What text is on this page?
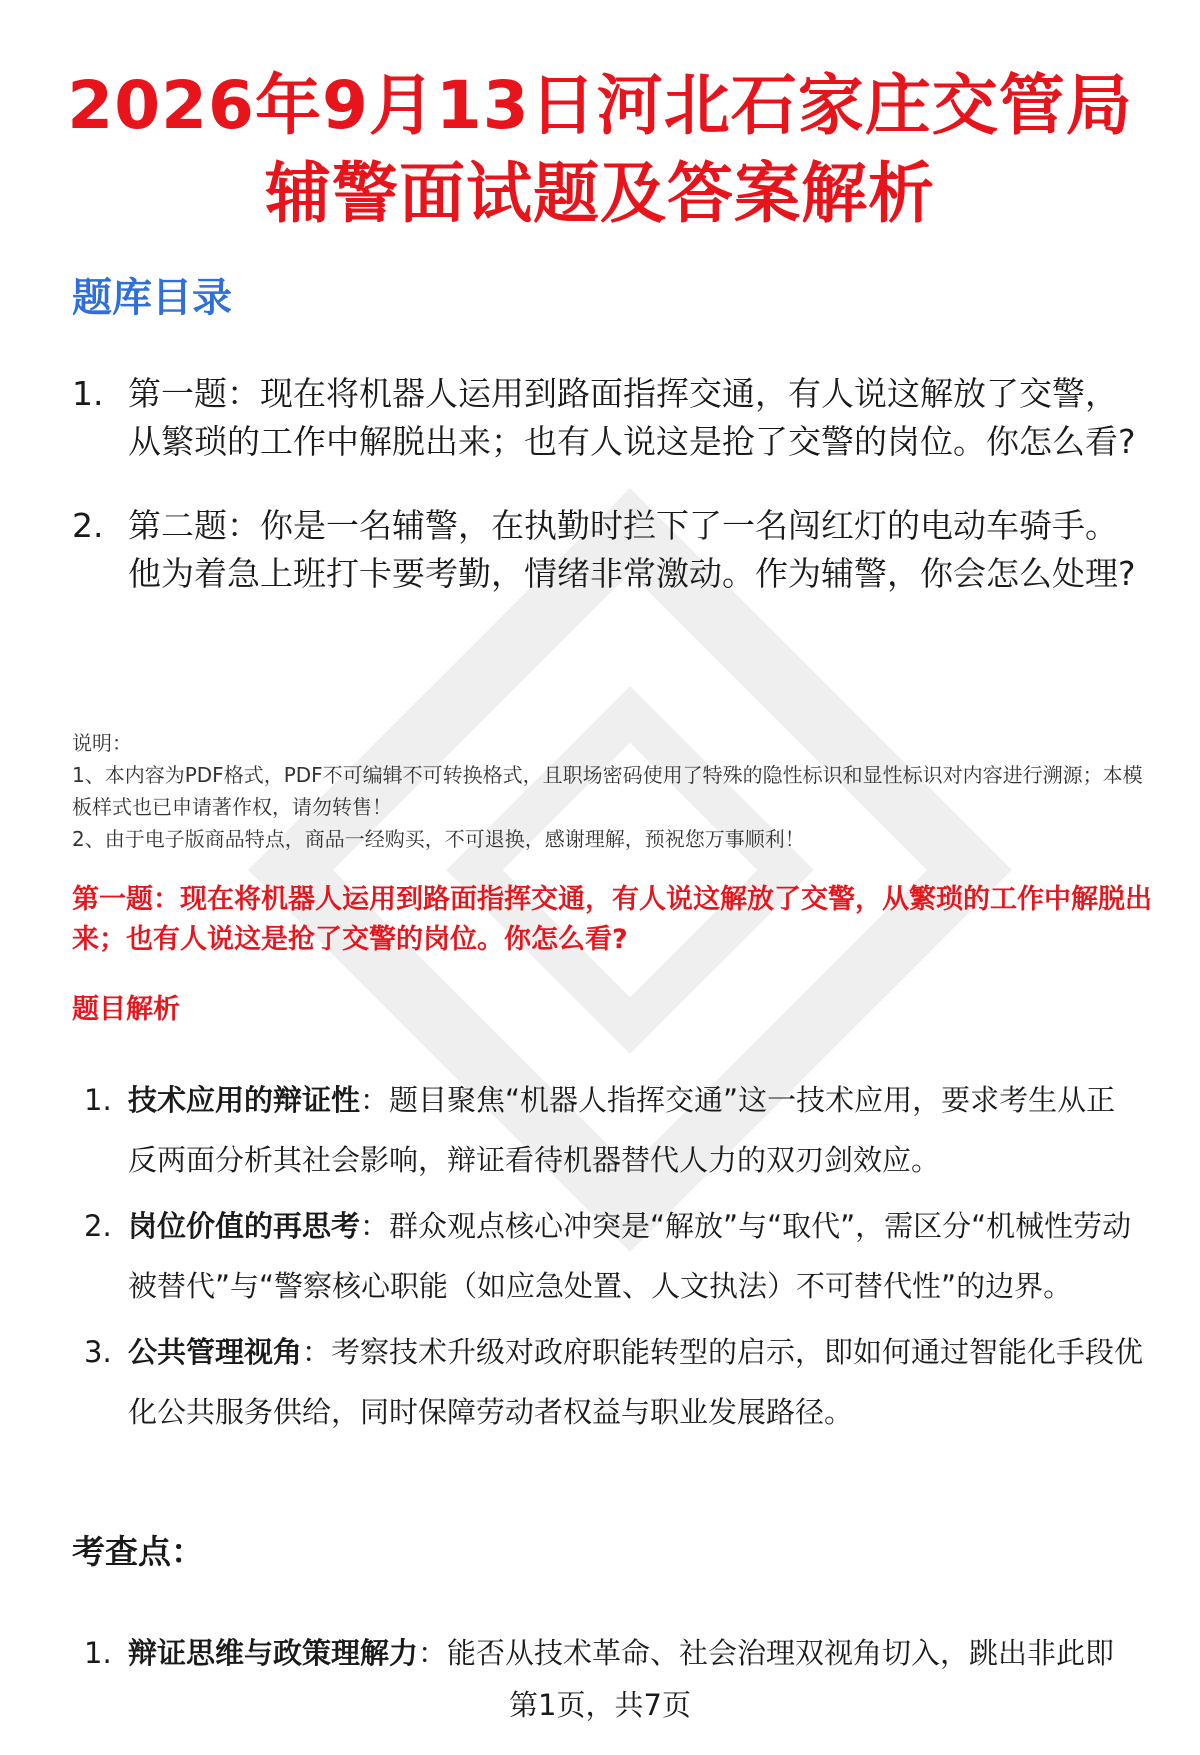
2026年9月13日河北石家庄交管局
辅警面试题及答案解析
题库目录
1. 第一题：现在将机器人运用到路面指挥交通，有人说这解放了交警，从繁琐的工作中解脱出来；也有人说这是抢了交警的岗位。你怎么看?
2. 第二题：你是一名辅警，在执勤时拦下了一名闯红灯的电动车骑手。他为着急上班打卡要考勤，情绪非常激动。作为辅警，你会怎么处理?

说明：

1、本内容为PDF格式，PDF不可编辑不可转换格式，且职场密码使用了特殊的隐性标识和显性标识对内容进行溯源；本模板样式也已申请著作权，请勿转售！

2、由于电子版商品特点，商品一经购买，不可退换，感谢理解，预祝您万事顺利！

第一题：现在将机器人运用到路面指挥交通，有人说这解放了交警，从繁琐的工作中解脱出来；也有人说这是抢了交警的岗位。你怎么看?
题目解析
1. 技术应用的辩证性：题目聚焦“机器人指挥交通”这一技术应用，要求考生从正反两面分析其社会影响，辩证看待机器替代人力的双刃剑效应。
2. 岗位价值的再思考：群众观点核心冲突是“解放”与“取代”，需区分“机械性劳动被替代”与“警察核心职能（如应急处置、人文执法）不可替代性”的边界。
3. 公共管理视角：考察技术升级对政府职能转型的启示，即如何通过智能化手段优化公共服务供给，同时保障劳动者权益与职业发展路径。
考查点：
1. 辩证思维与政策理解力：能否从技术革命、社会治理双视角切入，跳出非此即
第1页，共7页
